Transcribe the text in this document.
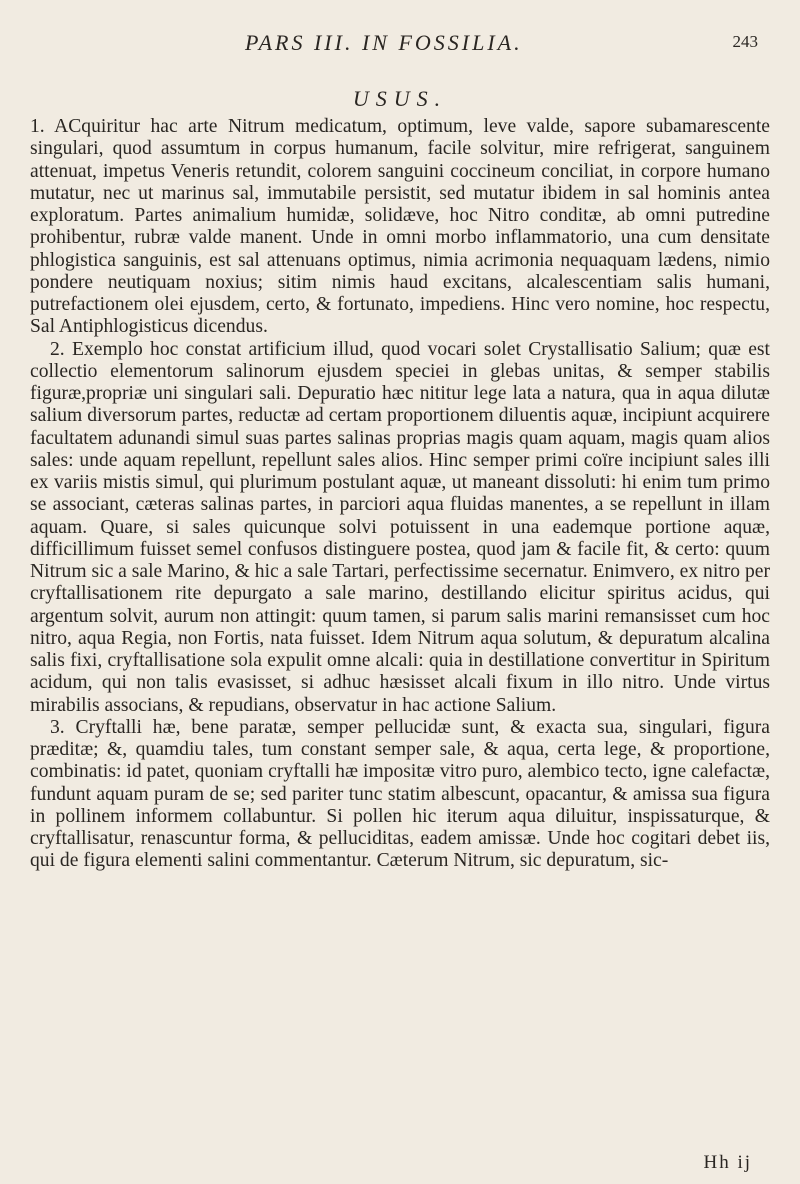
PARS III. IN FOSSILIA.	243
USUS.

1. ACquiritur hac arte Nitrum medicatum, optimum, leve valde, sapore subamarescente singulari, quod assumtum in corpus humanum, facile solvitur, mire refrigerat, sanguinem attenuat, impetus Veneris retundit, colorem sanguini coccineum conciliat, in corpore humano mutatur, nec ut marinus sal, immutabile persistit, sed mutatur ibidem in sal hominis antea exploratum. Partes animalium humidæ, solidæve, hoc Nitro conditæ, ab omni putredine prohibentur, rubræ valde manent. Unde in omni morbo inflammatorio, una cum densitate phlogistica sanguinis, est sal attenuans optimus, nimia acrimonia nequaquam lædens, nimio pondere neutiquam noxius; sitim nimis haud excitans, alcalescentiam salis humani, putrefactionem olei ejusdem, certo, & fortunato, impediens. Hinc vero nomine, hoc respectu, Sal Antiphlogisticus dicendus.

2. Exemplo hoc constat artificium illud, quod vocari solet Crystallisatio Salium; quæ est collectio elementorum salinorum ejusdem speciei in glebas unitas, & semper stabilis figuræ,propriæ uni singulari sali. Depuratio hæc nititur lege lata a natura, qua in aqua dilutæ salium diversorum partes, reductæ ad certam proportionem diluentis aquæ, incipiunt acquirere facultatem adunandi simul suas partes salinas proprias magis quam aquam, magis quam alios sales: unde aquam repellunt, repellunt sales alios. Hinc semper primi coïre incipiunt sales illi ex variis mistis simul, qui plurimum postulant aquæ, ut maneant dissoluti: hi enim tum primo se associant, cæteras salinas partes, in parciori aqua fluidas manentes, a se repellunt in illam aquam. Quare, si sales quicunque solvi potuissent in una eademque portione aquæ, difficillimum fuisset semel confusos distinguere postea, quod jam & facile fit, & certo: quum Nitrum sic a sale Marino, & hic a sale Tartari, perfectissime secernatur. Enimvero, ex nitro per cryftallisationem rite depurgato a sale marino, destillando elicitur spiritus acidus, qui argentum solvit, aurum non attingit: quum tamen, si parum salis marini remansisset cum hoc nitro, aqua Regia, non Fortis, nata fuisset. Idem Nitrum aqua solutum, & depuratum alcalina salis fixi, cryftallisatione sola expulit omne alcali: quia in destillatione convertitur in Spiritum acidum, qui non talis evasisset, si adhuc hæsisset alcali fixum in illo nitro. Unde virtus mirabilis associans, & repudians, observatur in hac actione Salium.

3. Cryftalli hæ, bene paratæ, semper pellucidæ sunt, & exacta sua, singulari, figura præditæ; &, quamdiu tales, tum constant semper sale, & aqua, certa lege, & proportione, combinatis: id patet, quoniam cryftalli hæ impositæ vitro puro, alembico tecto, igne calefactæ, fundunt aquam puram de se; sed pariter tunc statim albescunt, opacantur, & amissa sua figura in pollinem informem collabuntur. Si pollen hic iterum aqua diluitur, inspissaturque, & cryftallisatur, renascuntur forma, & pelluciditas, eadem amissæ. Unde hoc cogitari debet iis, qui de figura elementi salini commentantur. Cæterum Nitrum, sic depuratum, sic-

Hh ij
